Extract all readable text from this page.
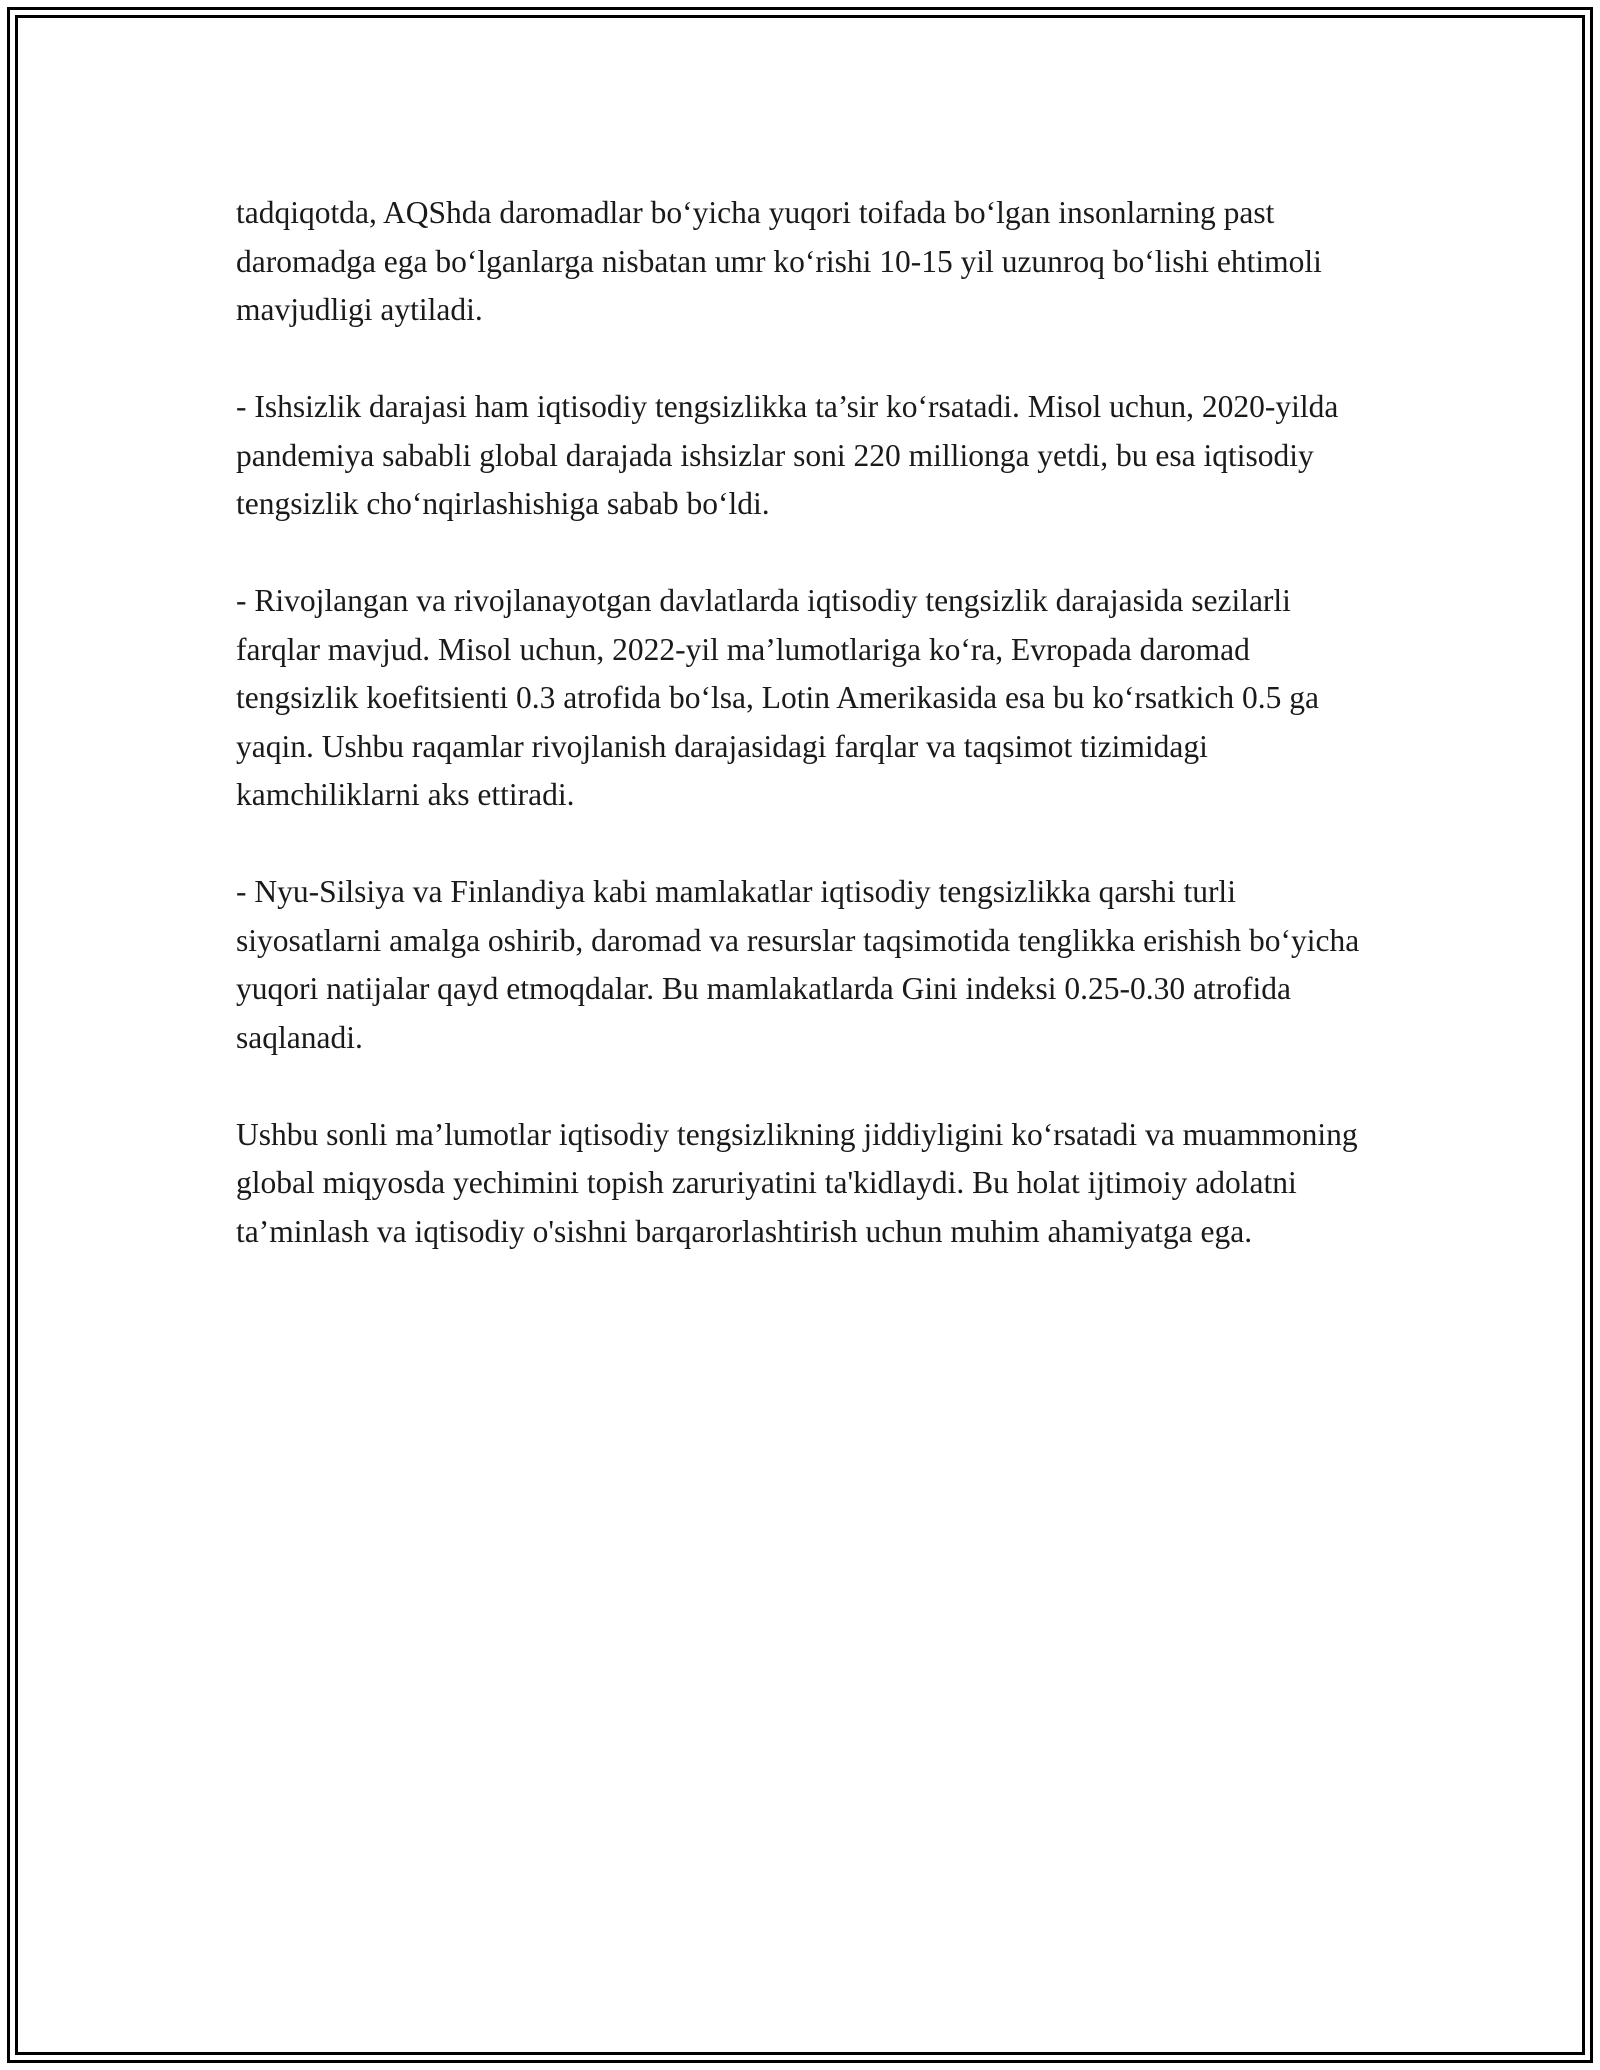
tadqiqotda, AQShda daromadlar bo‘yicha yuqori toifada bo‘lgan insonlarning past daromadga ega bo‘lganlarga nisbatan umr ko‘rishi 10-15 yil uzunroq bo‘lishi ehtimoli mavjudligi aytiladi.

- Ishsizlik darajasi ham iqtisodiy tengsizlikka ta’sir ko‘rsatadi. Misol uchun, 2020-yilda pandemiya sababli global darajada ishsizlar soni 220 millionga yetdi, bu esa iqtisodiy tengsizlik cho‘nqirlashishiga sabab bo‘ldi.

- Rivojlangan va rivojlanayotgan davlatlarda iqtisodiy tengsizlik darajasida sezilarli farqlar mavjud. Misol uchun, 2022-yil ma’lumotlariga ko‘ra, Evropada daromad tengsizlik koefitsienti 0.3 atrofida bo‘lsa, Lotin Amerikasida esa bu ko‘rsatkich 0.5 ga yaqin. Ushbu raqamlar rivojlanish darajasidagi farqlar va taqsimot tizimidagi kamchiliklarni aks ettiradi.

- Nyu-Silsiya va Finlandiya kabi mamlakatlar iqtisodiy tengsizlikka qarshi turli siyosatlarni amalga oshirib, daromad va resurslar taqsimotida tenglikka erishish bo‘yicha yuqori natijalar qayd etmoqdalar. Bu mamlakatlarda Gini indeksi 0.25-0.30 atrofida saqlanadi.

Ushbu sonli ma’lumotlar iqtisodiy tengsizlikning jiddiyligini ko‘rsatadi va muammoning global miqyosda yechimini topish zaruriyatini ta'kidlaydi. Bu holat ijtimoiy adolatni ta’minlash va iqtisodiy o'sishni barqarorlashtirish uchun muhim ahamiyatga ega.
